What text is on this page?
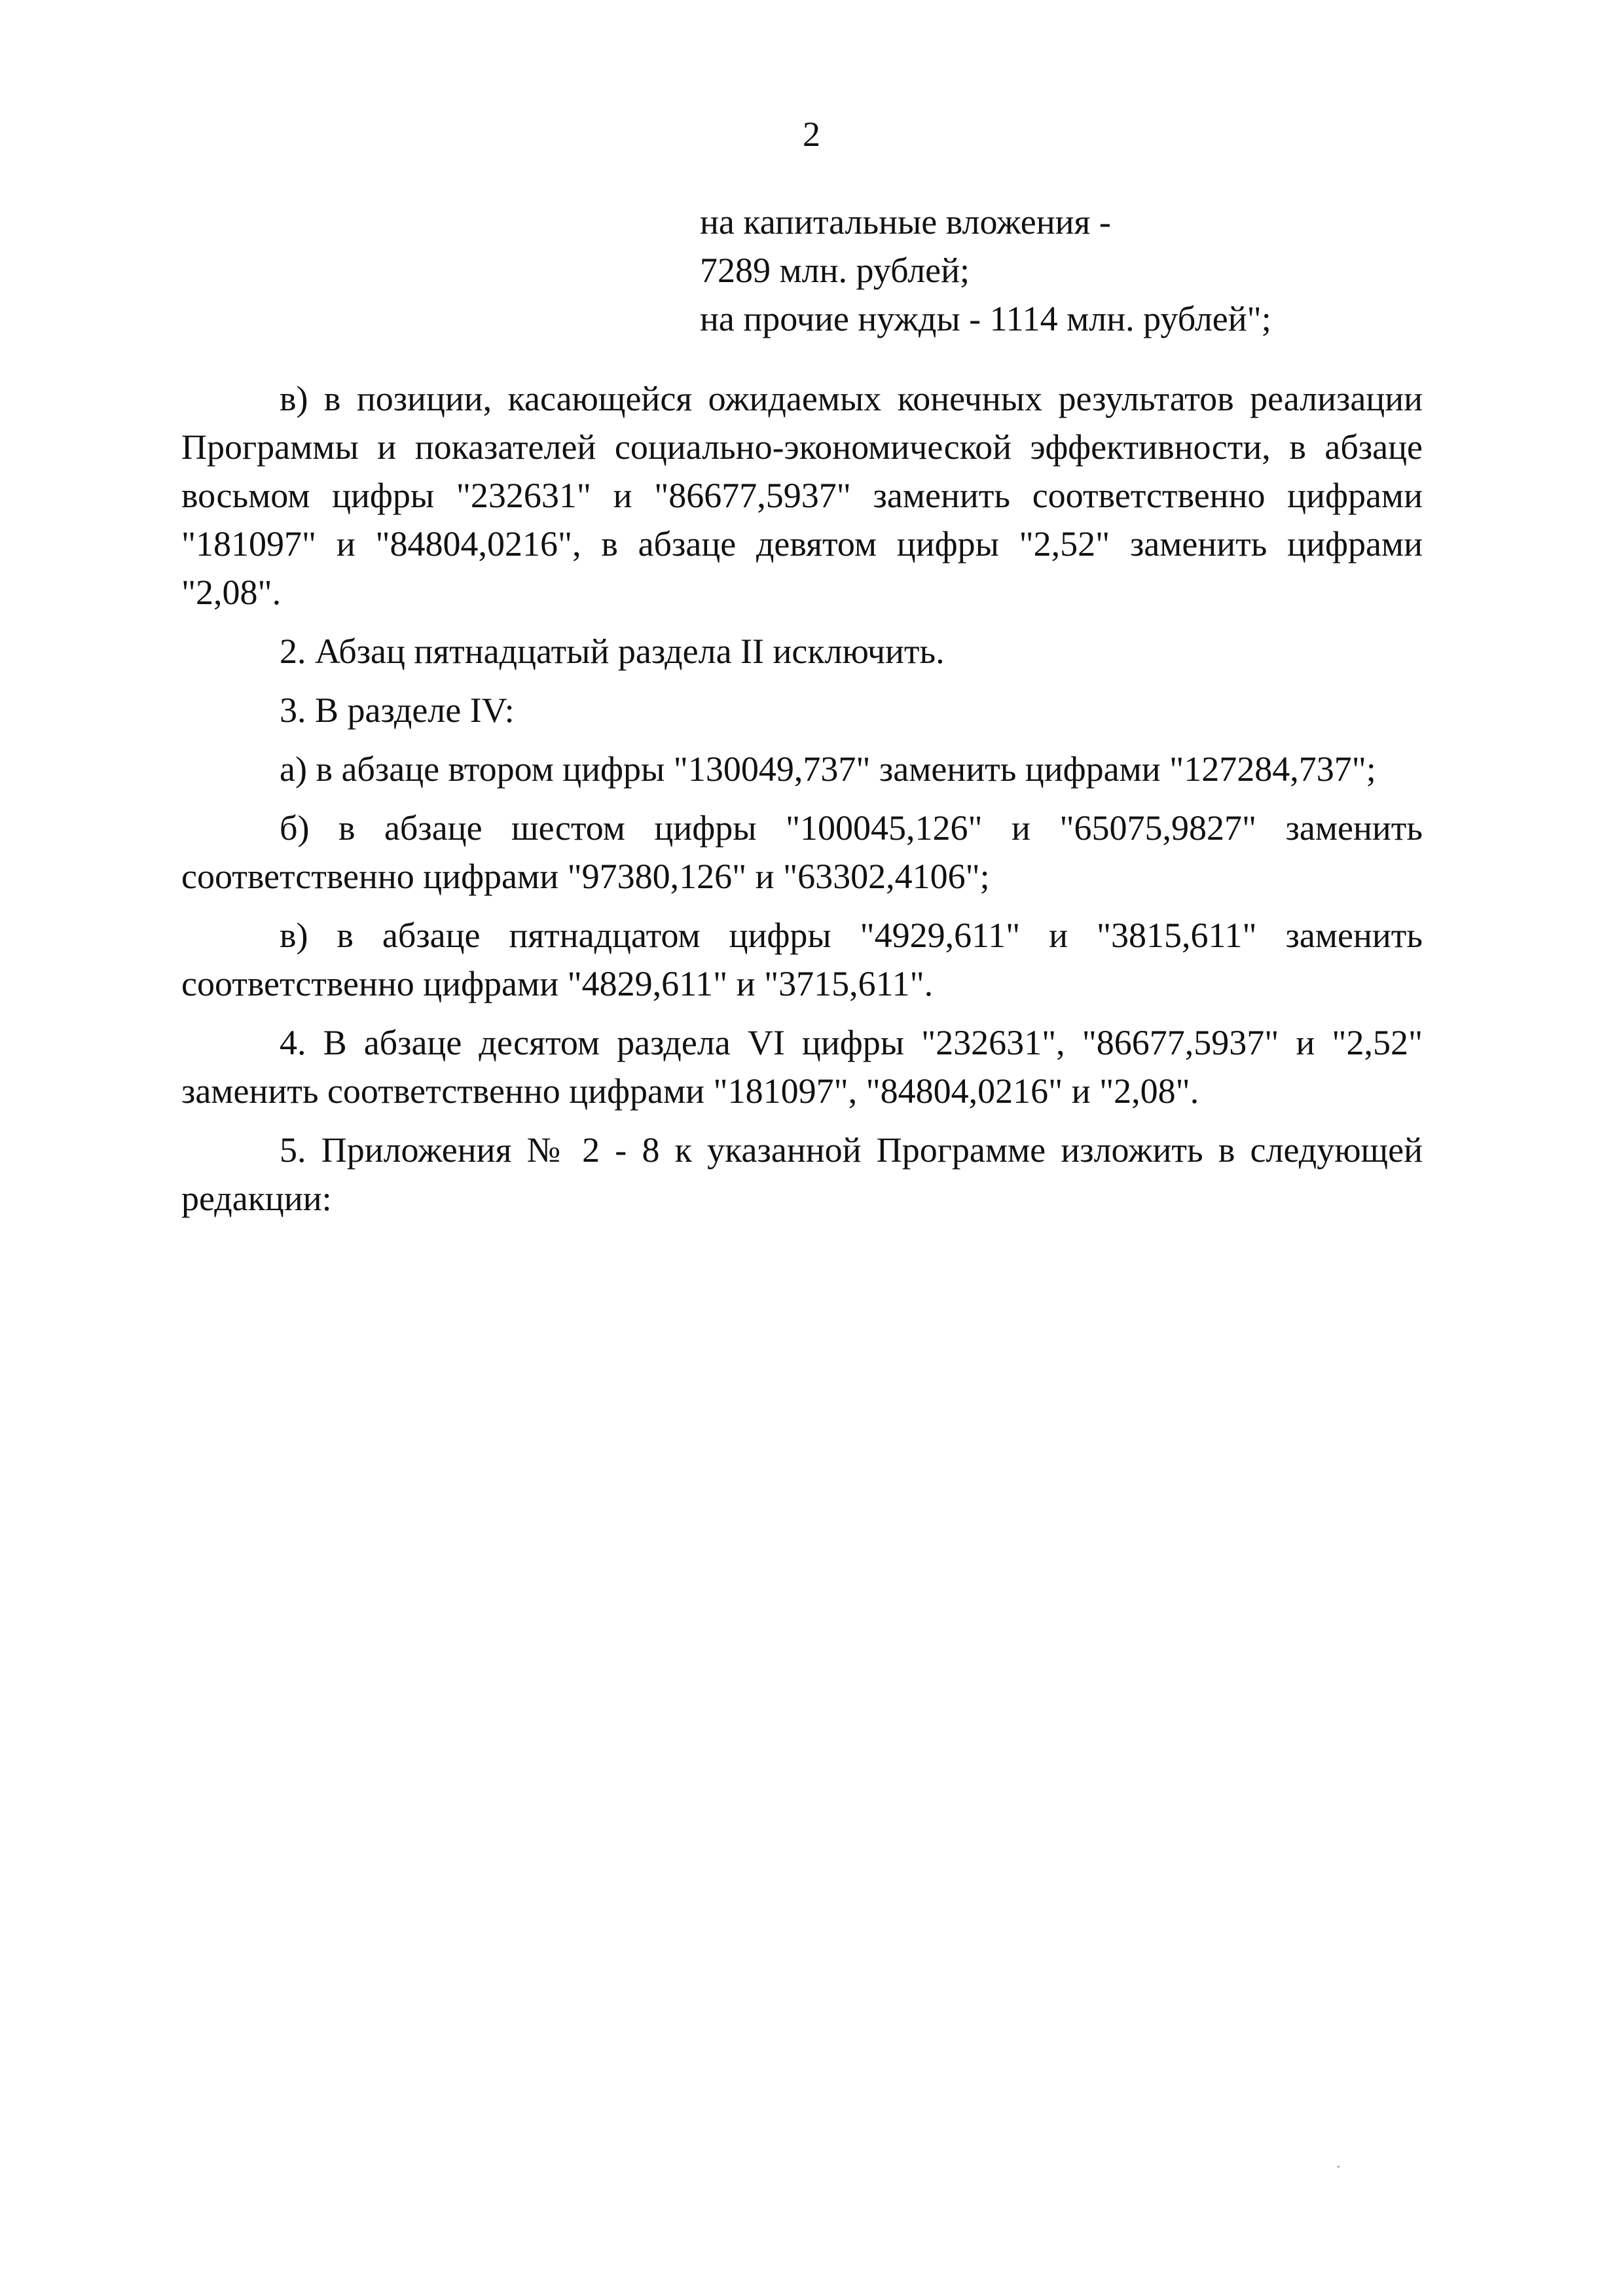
2
на капитальные вложения -
7289 млн. рублей;
на прочие нужды - 1114 млн. рублей";

в) в позиции, касающейся ожидаемых конечных результатов реализации Программы и показателей социально-экономической эффективности, в абзаце восьмом цифры "232631" и "86677,5937" заменить соответственно цифрами "181097" и "84804,0216", в абзаце девятом цифры "2,52" заменить цифрами "2,08".

2. Абзац пятнадцатый раздела II исключить.

3. В разделе IV:

а) в абзаце втором цифры "130049,737" заменить цифрами "127284,737";

б) в абзаце шестом цифры "100045,126" и "65075,9827" заменить соответственно цифрами "97380,126" и "63302,4106";

в) в абзаце пятнадцатом цифры "4929,611" и "3815,611" заменить соответственно цифрами "4829,611" и "3715,611".

4. В абзаце десятом раздела VI цифры "232631", "86677,5937" и "2,52" заменить соответственно цифрами "181097", "84804,0216" и "2,08".

5. Приложения № 2 - 8 к указанной Программе изложить в следующей редакции:
